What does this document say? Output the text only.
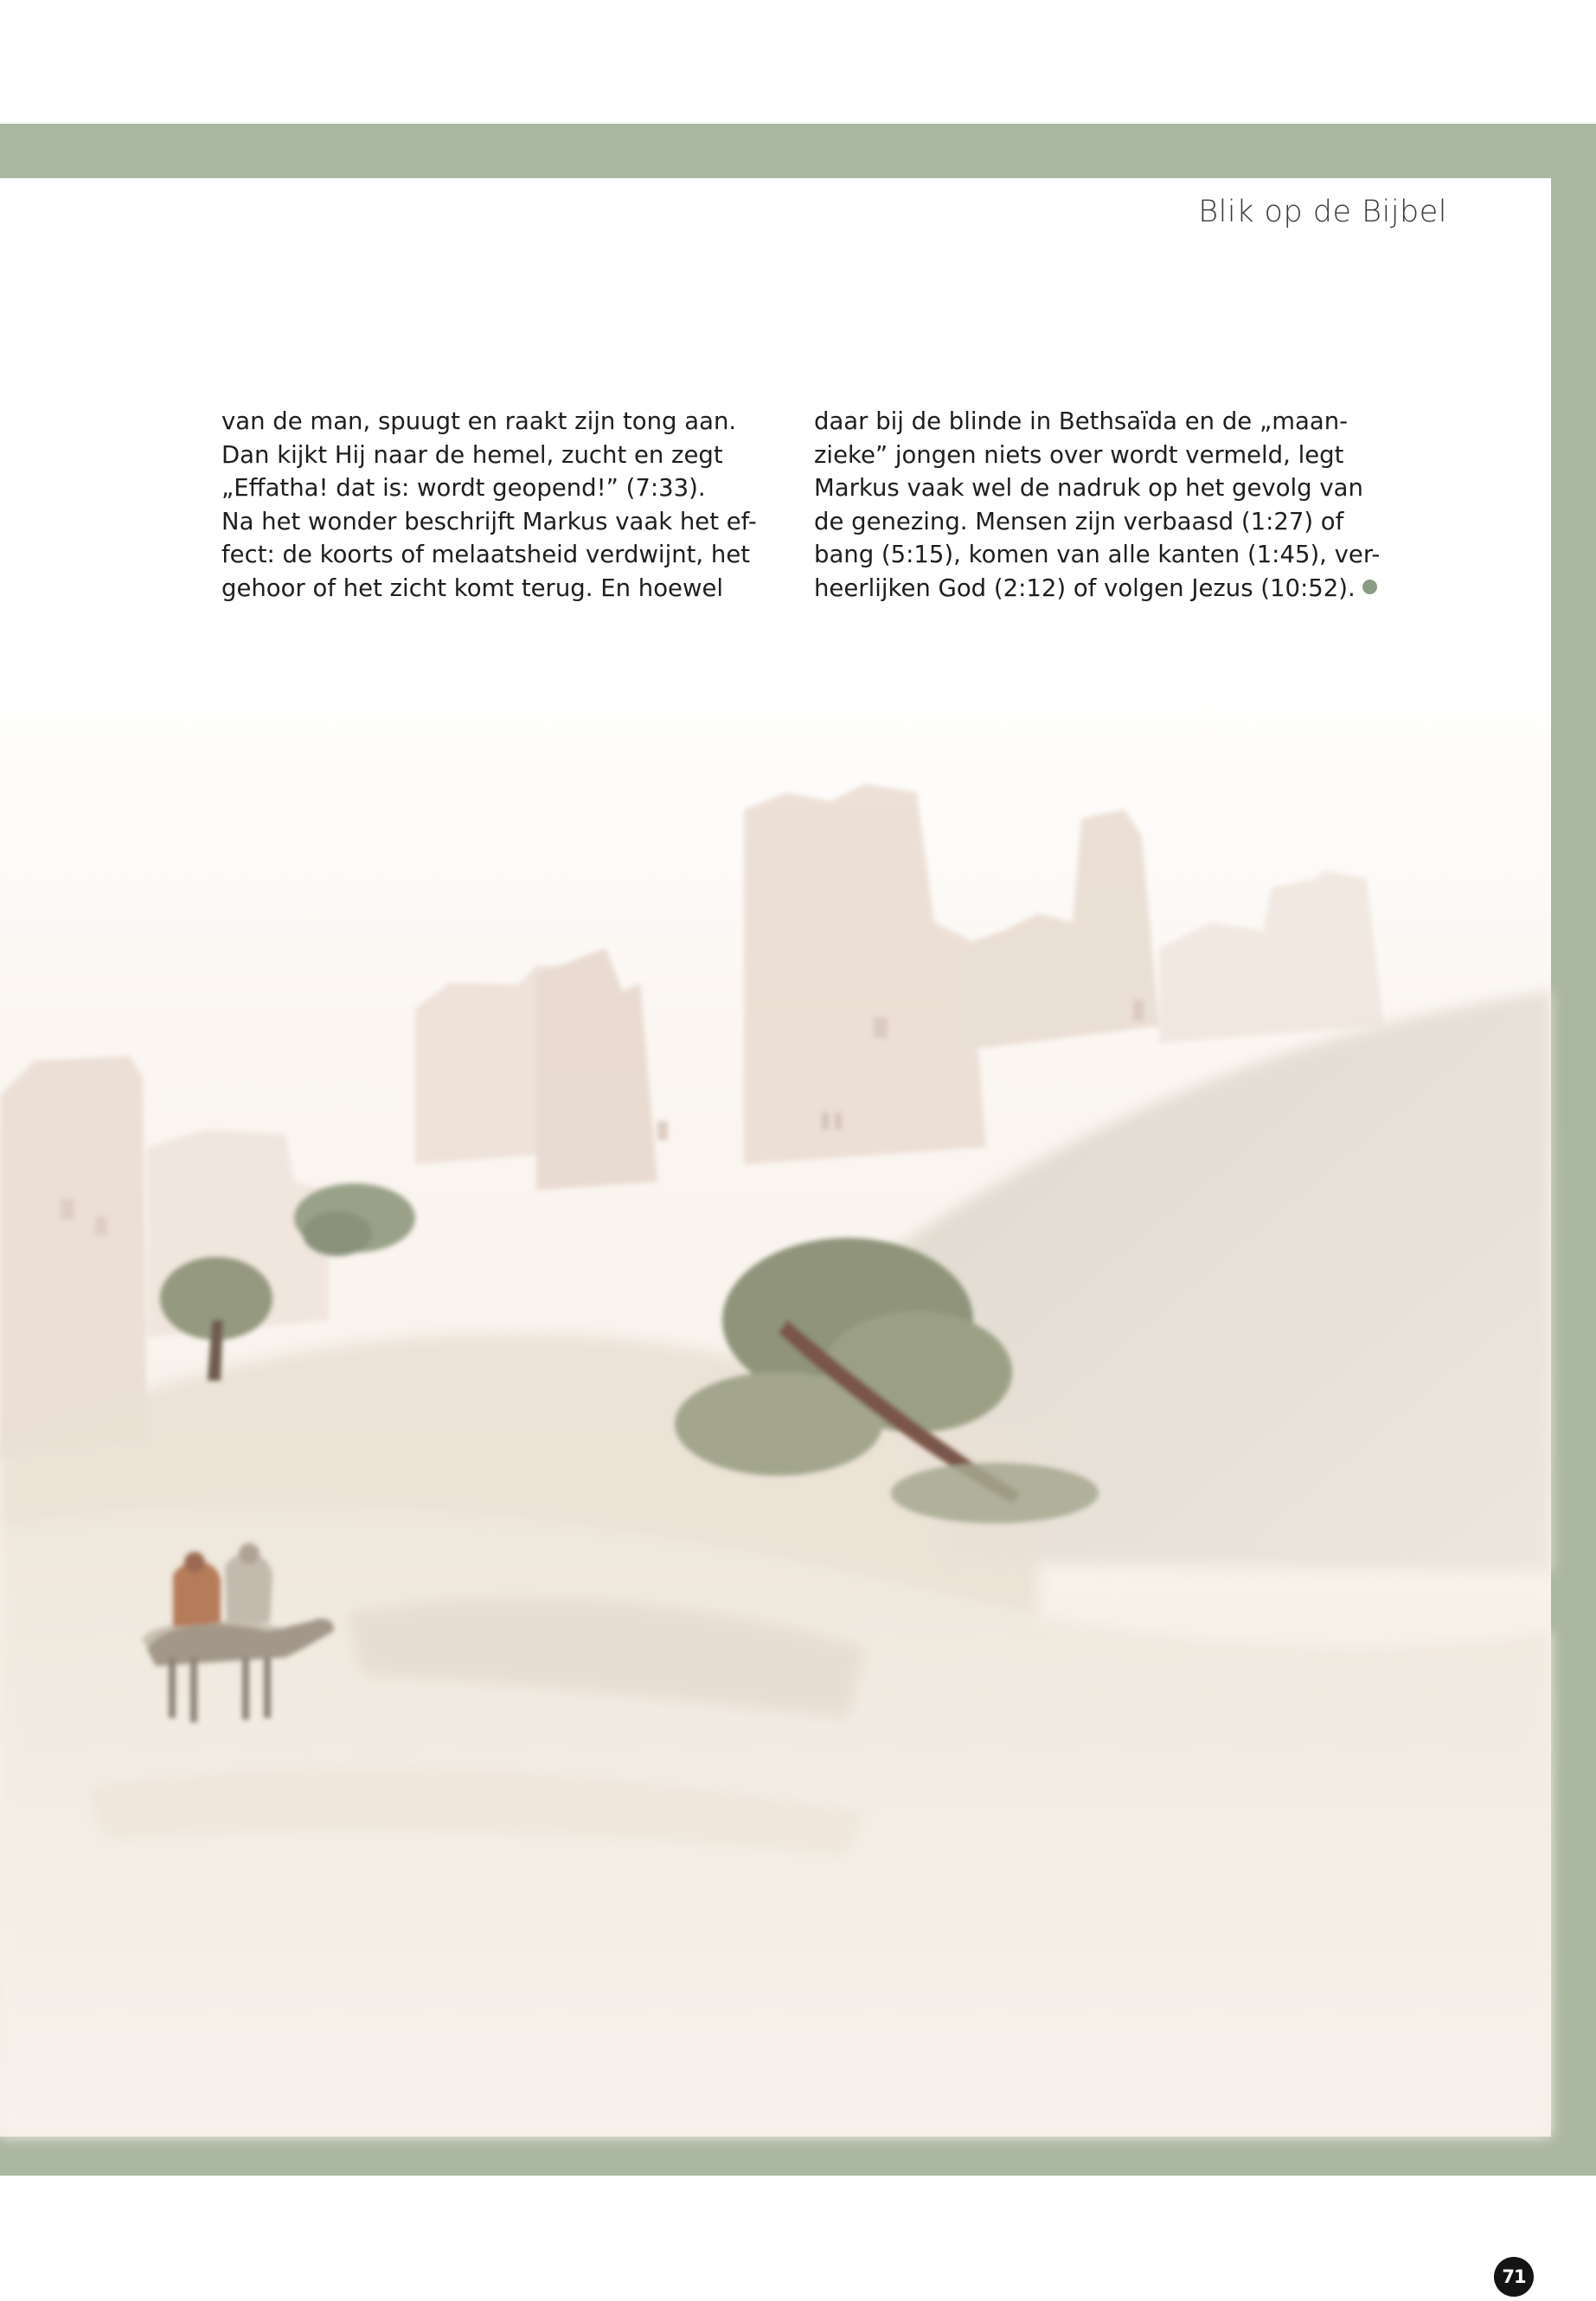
Blik op de Bijbel
van de man, spuugt en raakt zijn tong aan.
Dan kijkt Hij naar de hemel, zucht en zegt
„Effatha! dat is: wordt geopend!” (7:33).
Na het wonder beschrijft Markus vaak het ef-
fect: de koorts of melaatsheid verdwijnt, het
gehoor of het zicht komt terug. En hoewel
daar bij de blinde in Bethsaïda en de „maan-
zieke” jongen niets over wordt vermeld, legt
Markus vaak wel de nadruk op het gevolg van
de genezing. Mensen zijn verbaasd (1:27) of
bang (5:15), komen van alle kanten (1:45), ver-
heerlijken God (2:12) of volgen Jezus (10:52).
71
